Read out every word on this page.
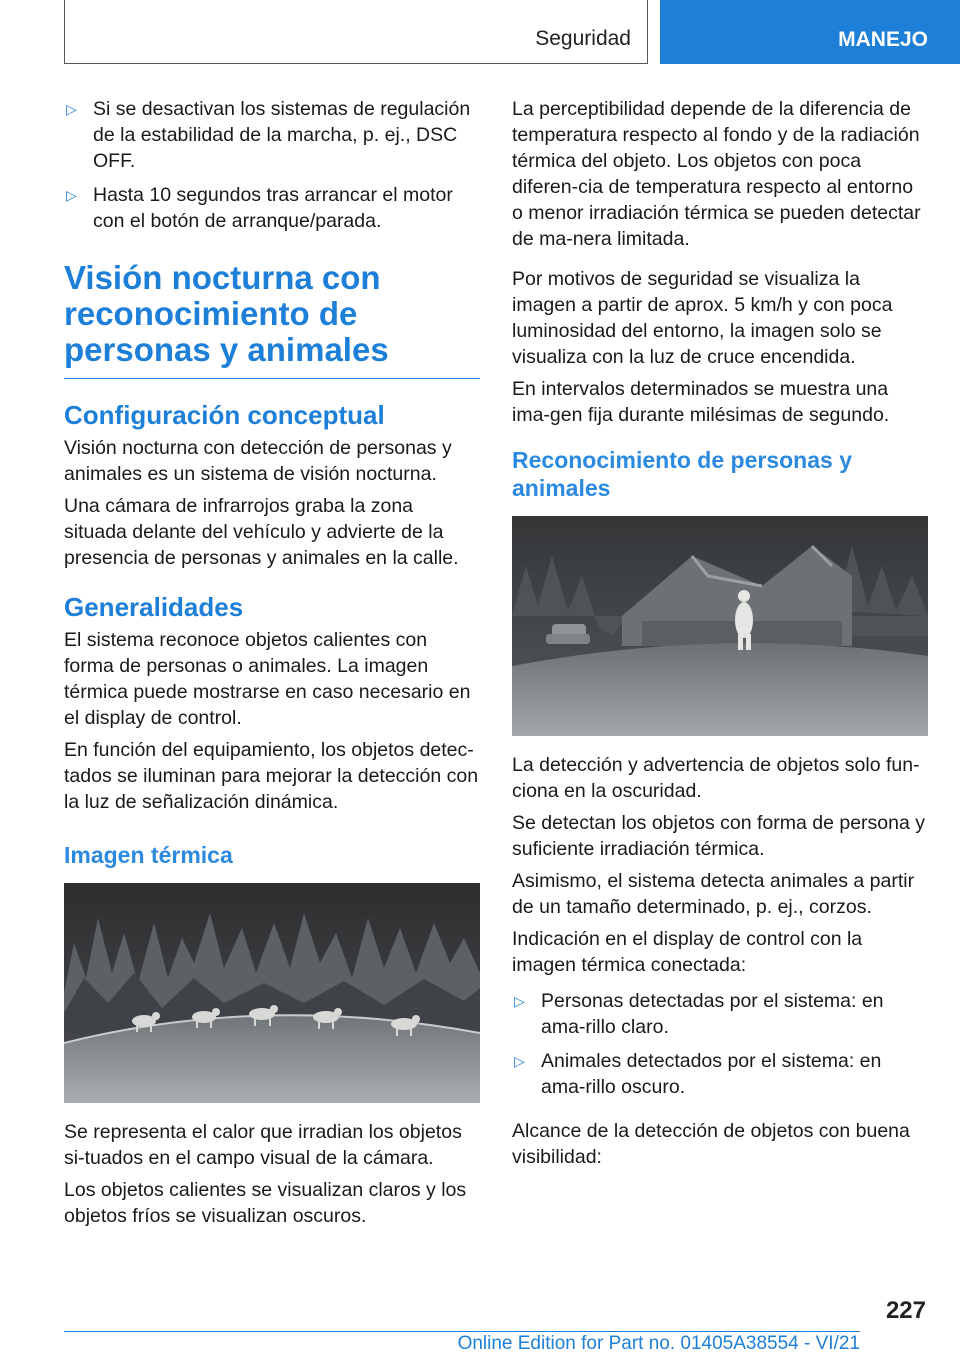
Seguridad	MANEJO
▷ Si se desactivan los sistemas de regulación de la estabilidad de la marcha, p. ej., DSC OFF.
▷ Hasta 10 segundos tras arrancar el motor con el botón de arranque/parada.
Visión nocturna con reconocimiento de personas y animales
Configuración conceptual

Visión nocturna con detección de personas y animales es un sistema de visión nocturna.

Una cámara de infrarrojos graba la zona situada delante del vehículo y advierte de la presencia de personas y animales en la calle.

Generalidades

El sistema reconoce objetos calientes con forma de personas o animales. La imagen térmica puede mostrarse en caso necesario en el display de control.

En función del equipamiento, los objetos detec‐tados se iluminan para mejorar la detección con la luz de señalización dinámica.

Imagen térmica

Se representa el calor que irradian los objetos si‐tuados en el campo visual de la cámara.

Los objetos calientes se visualizan claros y los objetos fríos se visualizan oscuros.

La perceptibilidad depende de la diferencia de temperatura respecto al fondo y de la radiación térmica del objeto. Los objetos con poca diferen‐cia de temperatura respecto al entorno o menor irradiación térmica se pueden detectar de ma‐nera limitada.

Por motivos de seguridad se visualiza la imagen a partir de aprox. 5 km/h y con poca luminosidad del entorno, la imagen solo se visualiza con la luz de cruce encendida.

En intervalos determinados se muestra una ima‐gen fija durante milésimas de segundo.

Reconocimiento de personas y animales

La detección y advertencia de objetos solo fun‐ciona en la oscuridad.

Se detectan los objetos con forma de persona y suficiente irradiación térmica.

Asimismo, el sistema detecta animales a partir de un tamaño determinado, p. ej., corzos.

Indicación en el display de control con la imagen térmica conectada:

▷ Personas detectadas por el sistema: en ama‐rillo claro.
▷ Animales detectados por el sistema: en ama‐rillo oscuro.

Alcance de la detección de objetos con buena visibilidad:

227
Online Edition for Part no. 01405A38554 - VI/21
